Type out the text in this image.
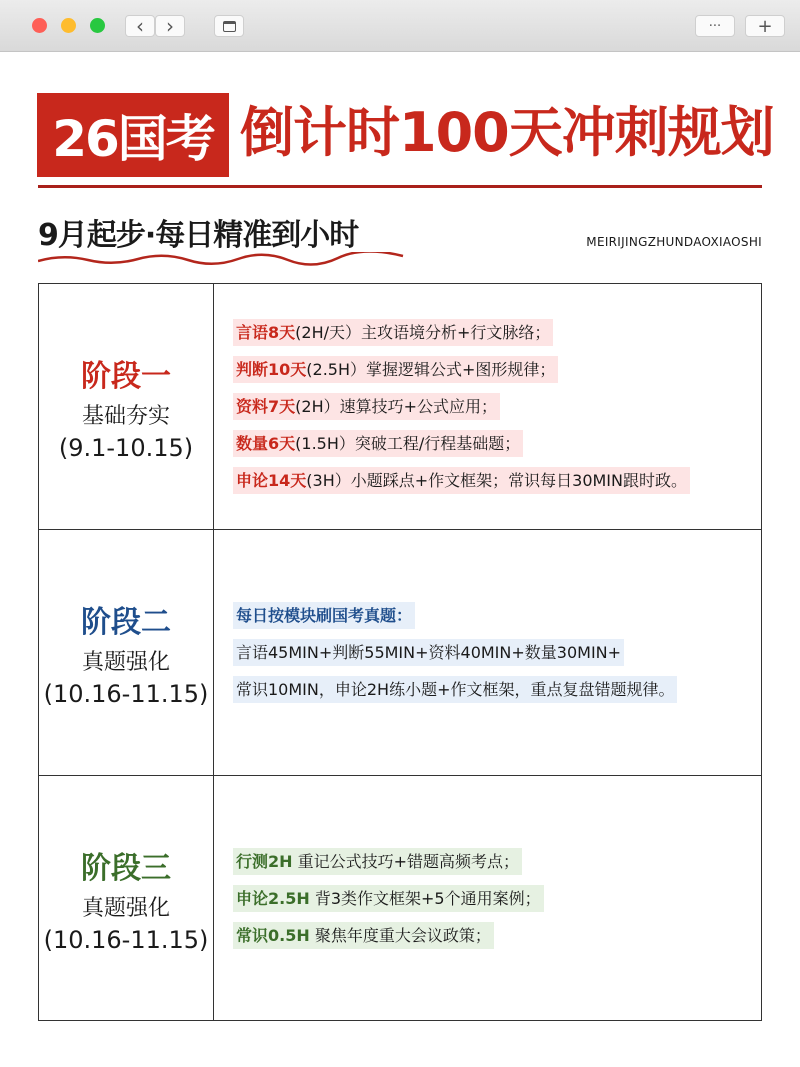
‹ ›	··· +
26国考 倒计时100天冲刺规划
9月起步·每日精准到小时	MEIRIJINGZHUNDAOXIAOSHI
阶段一
基础夯实
(9.1-10.15)
言语8天(2H/天）主攻语境分析+行文脉络；
判断10天(2.5H）掌握逻辑公式+图形规律；
资料7天(2H）速算技巧+公式应用；
数量6天(1.5H）突破工程/行程基础题；
申论14天(3H）小题踩点+作文框架；常识每日30MIN跟时政。
阶段二
真题强化
(10.16-11.15)
每日按模块刷国考真题：
言语45MIN+判断55MIN+资料40MIN+数量30MIN+
常识10MIN，申论2H练小题+作文框架，重点复盘错题规律。
阶段三
真题强化
(10.16-11.15)
行测2H 重记公式技巧+错题高频考点；
申论2.5H 背3类作文框架+5个通用案例；
常识0.5H 聚焦年度重大会议政策；
